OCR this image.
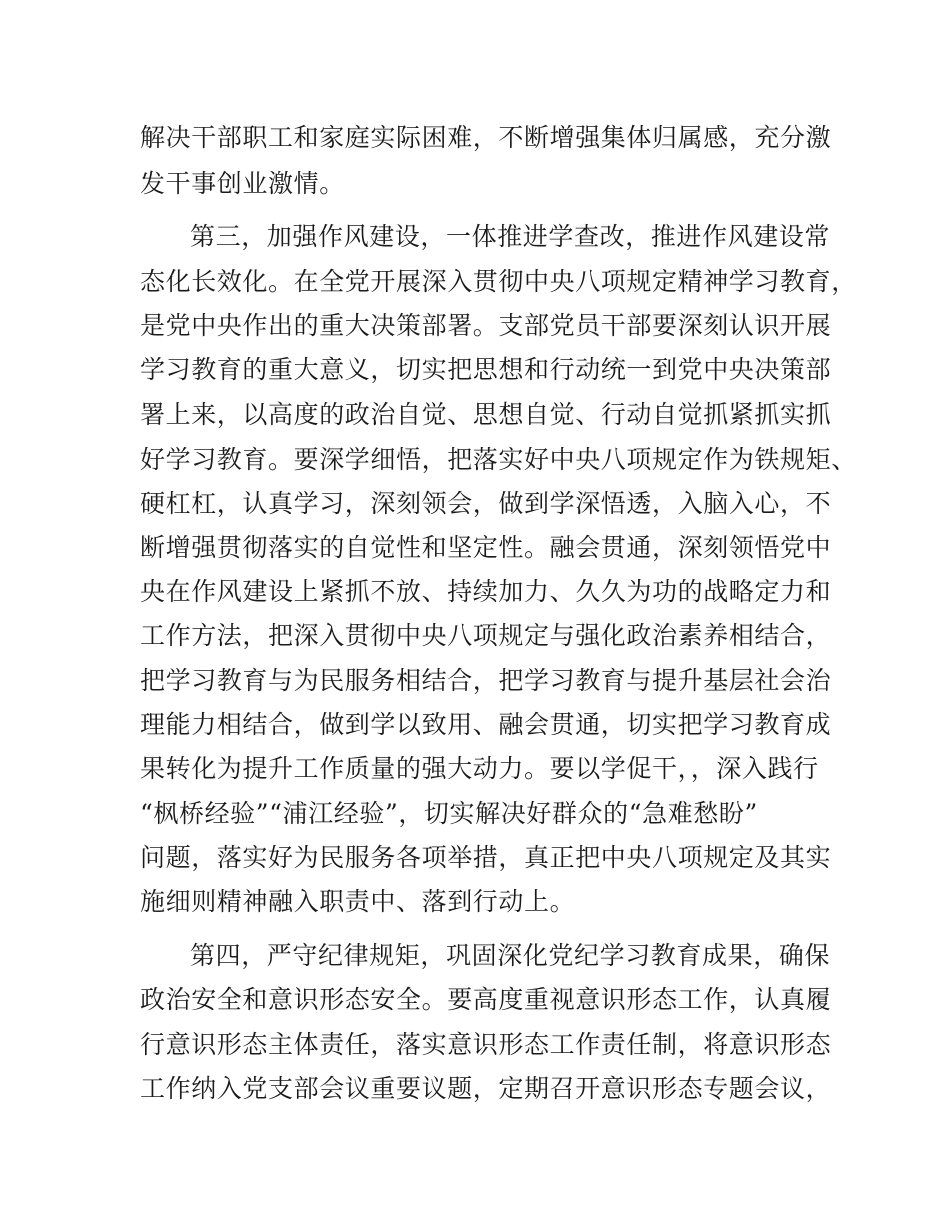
解决干部职工和家庭实际困难，不断增强集体归属感，充分激
发干事创业激情。
第三，加强作风建设，一体推进学查改，推进作风建设常
态化长效化。在全党开展深入贯彻中央八项规定精神学习教育，
是党中央作出的重大决策部署。支部党员干部要深刻认识开展
学习教育的重大意义，切实把思想和行动统一到党中央决策部
署上来，以高度的政治自觉、思想自觉、行动自觉抓紧抓实抓
好学习教育。要深学细悟，把落实好中央八项规定作为铁规矩、
硬杠杠，认真学习，深刻领会，做到学深悟透，入脑入心，不
断增强贯彻落实的自觉性和坚定性。融会贯通，深刻领悟党中
央在作风建设上紧抓不放、持续加力、久久为功的战略定力和
工作方法，把深入贯彻中央八项规定与强化政治素养相结合，
把学习教育与为民服务相结合，把学习教育与提升基层社会治
理能力相结合，做到学以致用、融会贯通，切实把学习教育成
果转化为提升工作质量的强大动力。要以学促干，，深入践行
“枫桥经验”“浦江经验”，切实解决好群众的“急难愁盼”
问题，落实好为民服务各项举措，真正把中央八项规定及其实
施细则精神融入职责中、落到行动上。
第四，严守纪律规矩，巩固深化党纪学习教育成果，确保
政治安全和意识形态安全。要高度重视意识形态工作，认真履
行意识形态主体责任，落实意识形态工作责任制，将意识形态
工作纳入党支部会议重要议题，定期召开意识形态专题会议，
